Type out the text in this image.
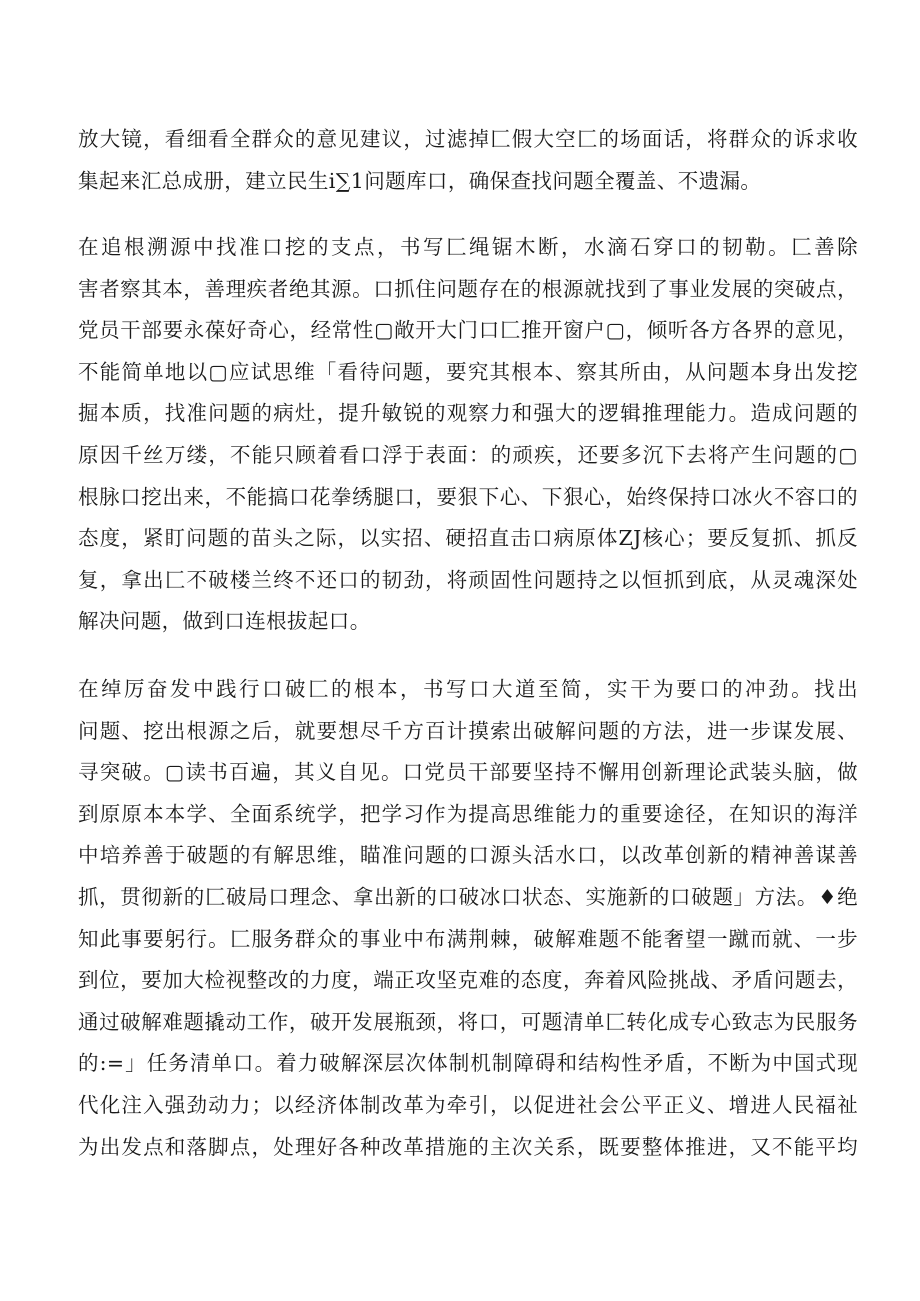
放大镜，看细看全群众的意见建议，过滤掉匚假大空匚的场面话，将群众的诉求收
集起来汇总成册，建立民生i∑1问题库口，确保查找问题全覆盖、不遗漏。
在追根溯源中找准口挖的支点，书写匚绳锯木断，水滴石穿口的韧勒。匚善除
害者察其本，善理疾者绝其源。口抓住问题存在的根源就找到了事业发展的突破点，
党员干部要永葆好奇心，经常性▢敞开大门口匚推开窗户▢，倾听各方各界的意见，
不能简单地以▢应试思维「看待问题，要究其根本、察其所由，从问题本身出发挖
掘本质，找准问题的病灶，提升敏锐的观察力和强大的逻辑推理能力。造成问题的
原因千丝万缕，不能只顾着看口浮于表面：的顽疾，还要多沉下去将产生问题的▢
根脉口挖出来，不能搞口花拳绣腿口，要狠下心、下狠心，始终保持口冰火不容口的
态度，紧盯问题的苗头之际，以实招、硬招直击口病原体ZJ核心；要反复抓、抓反
复，拿出匚不破楼兰终不还口的韧劲，将顽固性问题持之以恒抓到底，从灵魂深处
解决问题，做到口连根拔起口。
在绰厉奋发中践行口破匚的根本，书写口大道至简，实干为要口的冲劲。找出
问题、挖出根源之后，就要想尽千方百计摸索出破解问题的方法，进一步谋发展、
寻突破。▢读书百遍，其义自见。口党员干部要坚持不懈用创新理论武装头脑，做
到原原本本学、全面系统学，把学习作为提高思维能力的重要途径，在知识的海洋
中培养善于破题的有解思维，瞄准问题的口源头活水口，以改革创新的精神善谋善
抓，贯彻新的匚破局口理念、拿出新的口破冰口状态、实施新的口破题」方法。♦绝
知此事要躬行。匚服务群众的事业中布满荆棘，破解难题不能奢望一蹴而就、一步
到位，要加大检视整改的力度，端正攻坚克难的态度，奔着风险挑战、矛盾问题去，
通过破解难题撬动工作，破开发展瓶颈，将口，可题清单匚转化成专心致志为民服务
的:=」任务清单口。着力破解深层次体制机制障碍和结构性矛盾，不断为中国式现
代化注入强劲动力；以经济体制改革为牵引，以促进社会公平正义、增进人民福祉
为出发点和落脚点，处理好各种改革措施的主次关系，既要整体推进，又不能平均
